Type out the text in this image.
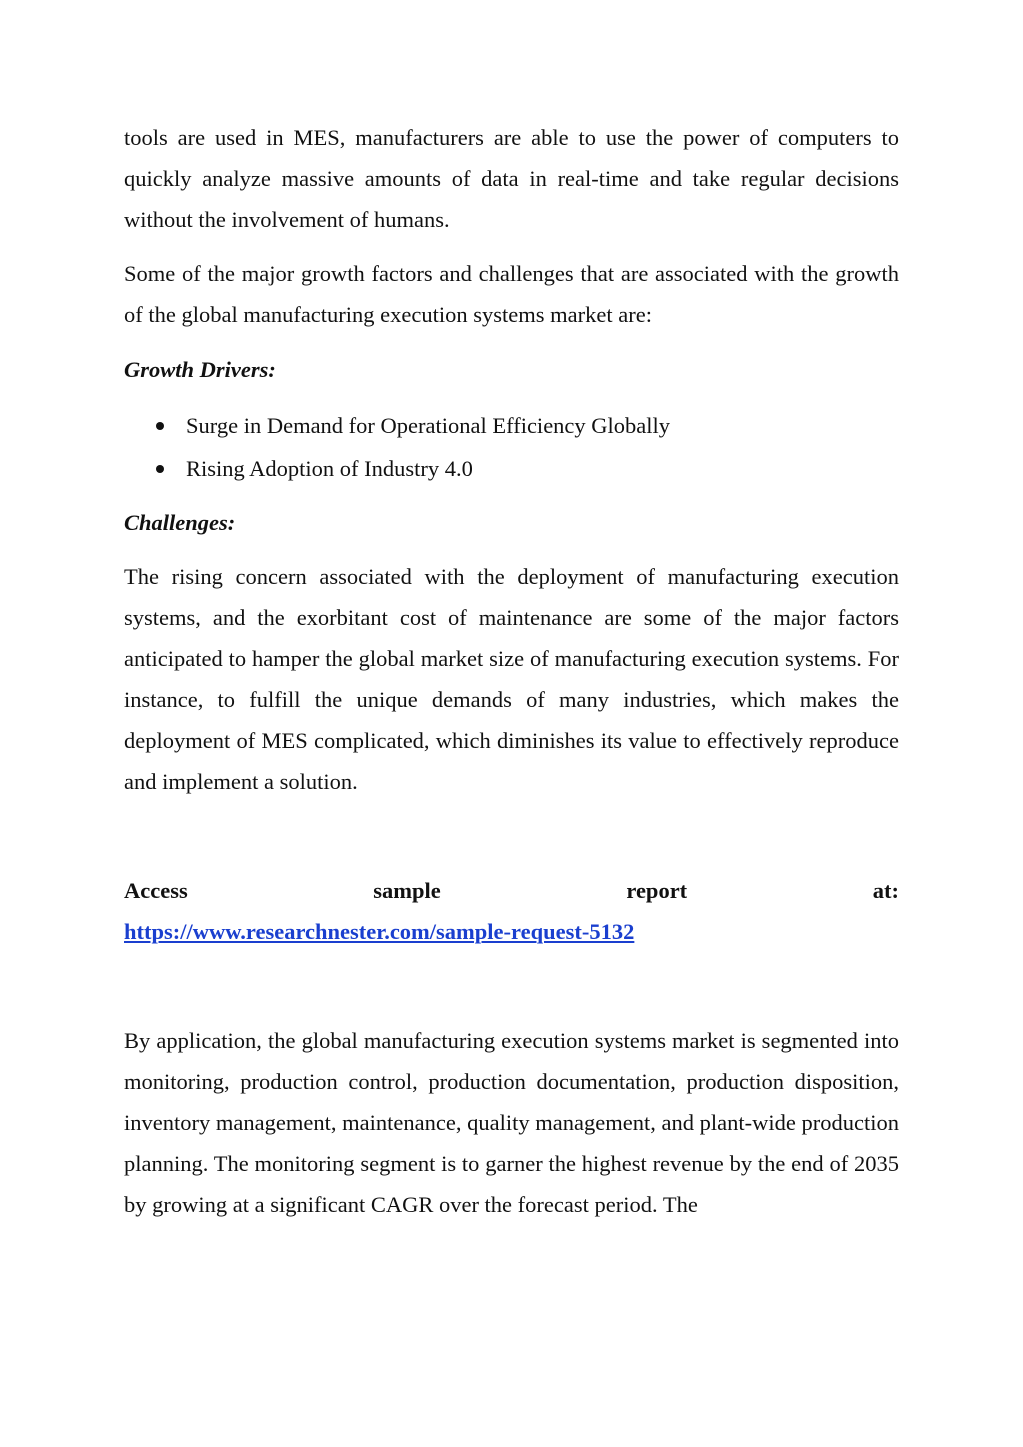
tools are used in MES, manufacturers are able to use the power of computers to quickly analyze massive amounts of data in real-time and take regular decisions without the involvement of humans.

Some of the major growth factors and challenges that are associated with the growth of the global manufacturing execution systems market are:

Growth Drivers:

Surge in Demand for Operational Efficiency Globally
Rising Adoption of Industry 4.0

Challenges:

The rising concern associated with the deployment of manufacturing execution systems, and the exorbitant cost of maintenance are some of the major factors anticipated to hamper the global market size of manufacturing execution systems. For instance, to fulfill the unique demands of many industries, which makes the deployment of MES complicated, which diminishes its value to effectively reproduce and implement a solution.

Access	sample	report	at:
https://www.researchnester.com/sample-request-5132

By application, the global manufacturing execution systems market is segmented into monitoring, production control, production documentation, production disposition, inventory management, maintenance, quality management, and plant-wide production planning. The monitoring segment is to garner the highest revenue by the end of 2035 by growing at a significant CAGR over the forecast period. The
